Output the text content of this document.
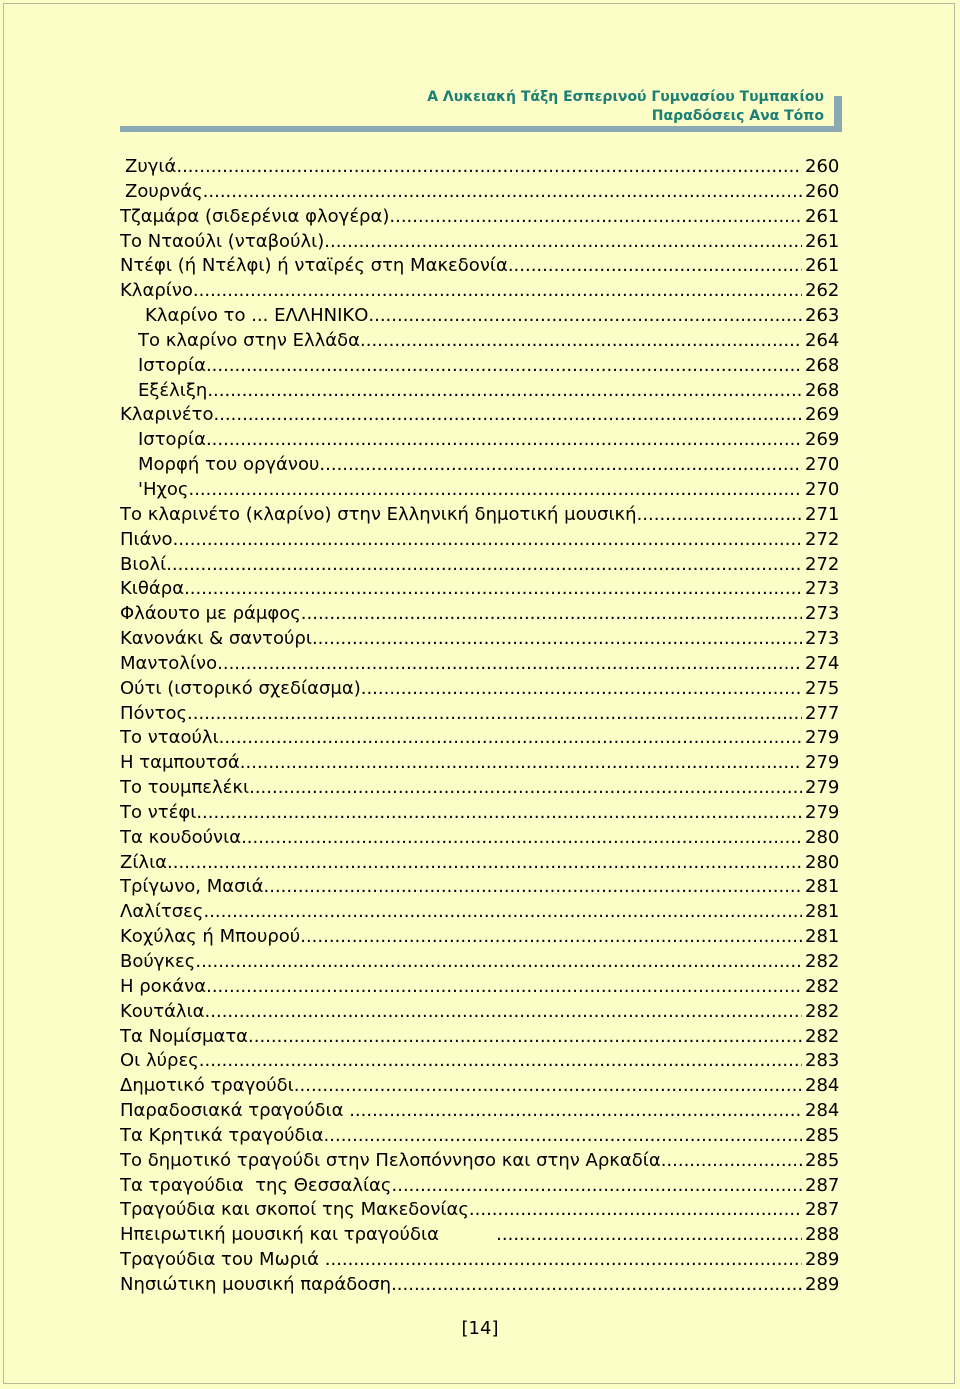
Α Λυκειακή Τάξη Εσπερινού Γυμνασίου Τυμπακίου
Παραδόσεις Ανα Τόπο
Ζυγιά .....	260
Ζουρνάς .....	260
Τζαμάρα (σιδερένια φλογέρα) .....	261
Το Νταούλι (νταβούλι) .....	261
Ντέφι (ή Ντέλφι) ή νταϊρές στη Μακεδονία .....	261
Κλαρίνο .....	262
Κλαρίνο το ... ΕΛΛΗΝΙΚΟ .....	263
Το κλαρίνο στην Ελλάδα .....	264
Ιστορία .....	268
Εξέλιξη .....	268
Κλαρινέτο .....	269
Ιστορία .....	269
Μορφή του οργάνου .....	270
'Ηχος .....	270
Το κλαρινέτο (κλαρίνο) στην Ελληνική δημοτική μουσική .....	271
Πιάνο .....	272
Βιολί .....	272
Κιθάρα .....	273
Φλάουτο με ράμφος .....	273
Κανονάκι & σαντούρι .....	273
Μαντολίνο .....	274
Ούτι (ιστορικό σχεδίασμα) .....	275
Πόντος .....	277
Το νταούλι .....	279
Η ταμπουτσά .....	279
Το τουμπελέκι .....	279
Το ντέφι .....	279
Τα κουδούνια .....	280
Ζίλια .....	280
Τρίγωνο, Μασιά .....	281
Λαλίτσες .....	281
Κοχύλας ή Μπουρού .....	281
Βούγκες .....	282
Η ροκάνα .....	282
Κουτάλια .....	282
Τα Νομίσματα .....	282
Οι λύρες .....	283
Δημοτικό τραγούδι .....	284
Παραδοσιακά τραγούδια .....	284
Τα Κρητικά τραγούδια .....	285
Το δημοτικό τραγούδι στην Πελοπόννησο και στην Αρκαδία .....	285
Τα τραγούδια  της Θεσσαλίας .....	287
Τραγούδια και σκοποί της Μακεδονίας .....	287
Ηπειρωτική μουσική και τραγούδια .....	288
Τραγούδια του Μωριά .....	289
Νησιώτικη μουσική παράδοση .....	289
[14]
